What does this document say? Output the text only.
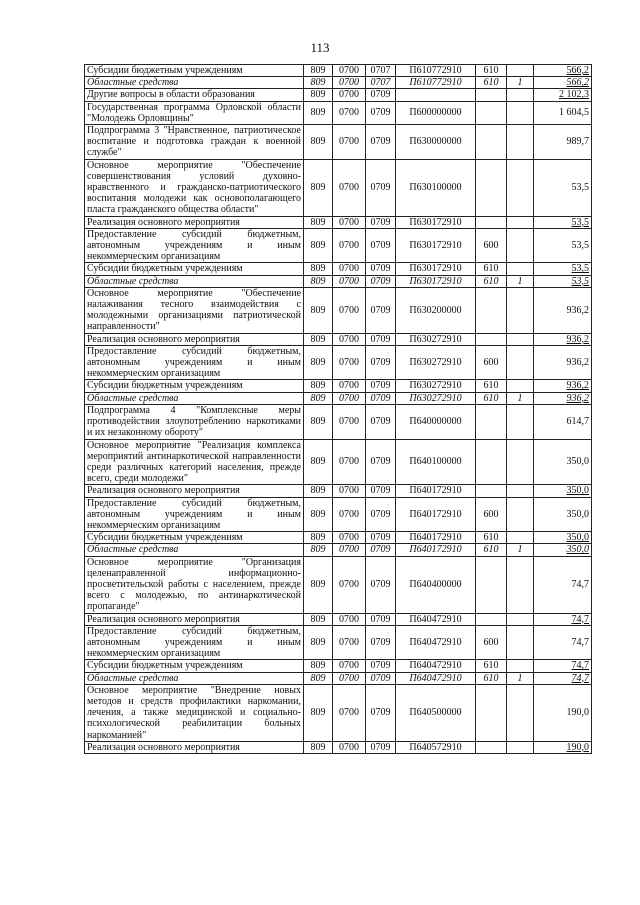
113
Субсидии бюджетным учреждениям	809	0700	0707	П610772910	610		566,2
Областные средства	809	0700	0707	П610772910	610	1	566,2
Другие вопросы в области образования	809	0700	0709				2 102,3
Государственная программа Орловской области "Молодежь Орловщины"	809	0700	0709	П600000000			1 604,5
Подпрограмма 3 "Нравственное, патриотическое воспитание и подготовка граждан к военной службе"	809	0700	0709	П630000000			989,7
Основное мероприятие "Обеспечение совершенствования условий духовно-нравственного и гражданско-патриотического воспитания молодежи как основополагающего пласта гражданского общества области"	809	0700	0709	П630100000			53,5
Реализация основного мероприятия	809	0700	0709	П630172910			53,5
Предоставление субсидий бюджетным, автономным учреждениям и иным некоммерческим организациям	809	0700	0709	П630172910	600		53,5
Субсидии бюджетным учреждениям	809	0700	0709	П630172910	610		53,5
Областные средства	809	0700	0709	П630172910	610	1	53,5
Основное мероприятие "Обеспечение налаживания тесного взаимодействия с молодежными организациями патриотической направленности"	809	0700	0709	П630200000			936,2
Реализация основного мероприятия	809	0700	0709	П630272910			936,2
Предоставление субсидий бюджетным, автономным учреждениям и иным некоммерческим организациям	809	0700	0709	П630272910	600		936,2
Субсидии бюджетным учреждениям	809	0700	0709	П630272910	610		936,2
Областные средства	809	0700	0709	П630272910	610	1	936,2
Подпрограмма 4 "Комплексные меры противодействия злоупотреблению наркотиками и их незаконному обороту"	809	0700	0709	П640000000			614,7
Основное мероприятие "Реализация комплекса мероприятий антинаркотической направленности среди различных категорий населения, прежде всего, среди молодежи"	809	0700	0709	П640100000			350,0
Реализация основного мероприятия	809	0700	0709	П640172910			350,0
Предоставление субсидий бюджетным, автономным учреждениям и иным некоммерческим организациям	809	0700	0709	П640172910	600		350,0
Субсидии бюджетным учреждениям	809	0700	0709	П640172910	610		350,0
Областные средства	809	0700	0709	П640172910	610	1	350,0
Основное мероприятие "Организация целенаправленной информационно-просветительской работы с населением, прежде всего с молодежью, по антинаркотической пропаганде"	809	0700	0709	П640400000			74,7
Реализация основного мероприятия	809	0700	0709	П640472910			74,7
Предоставление субсидий бюджетным, автономным учреждениям и иным некоммерческим организациям	809	0700	0709	П640472910	600		74,7
Субсидии бюджетным учреждениям	809	0700	0709	П640472910	610		74,7
Областные средства	809	0700	0709	П640472910	610	1	74,7
Основное мероприятие "Внедрение новых методов и средств профилактики наркомании, лечения, а также медицинской и социально-психологической реабилитации больных наркоманией"	809	0700	0709	П640500000			190,0
Реализация основного мероприятия	809	0700	0709	П640572910			190,0
